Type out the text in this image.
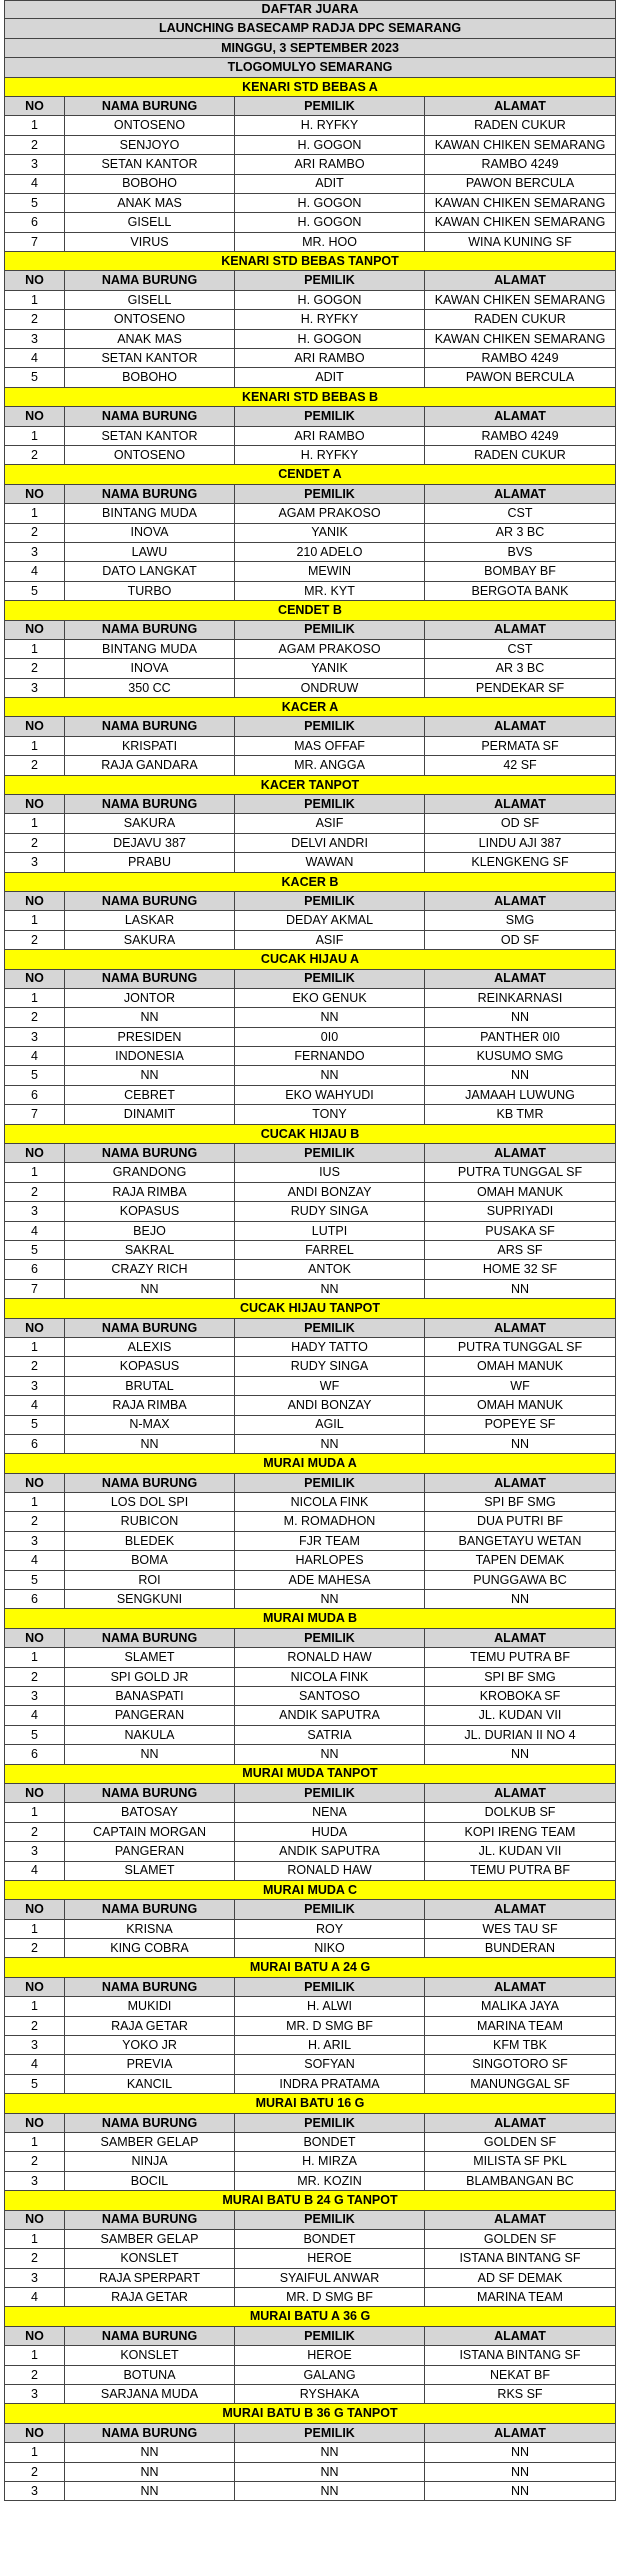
DAFTAR JUARA
LAUNCHING BASECAMP RADJA DPC SEMARANG
MINGGU, 3 SEPTEMBER 2023
TLOGOMULYO SEMARANG
KENARI STD BEBAS A
NO	NAMA BURUNG	PEMILIK	ALAMAT
1	ONTOSENO	H. RYFKY	RADEN CUKUR
2	SENJOYO	H. GOGON	KAWAN CHIKEN SEMARANG
3	SETAN KANTOR	ARI RAMBO	RAMBO 4249
4	BOBOHO	ADIT	PAWON BERCULA
5	ANAK MAS	H. GOGON	KAWAN CHIKEN SEMARANG
6	GISELL	H. GOGON	KAWAN CHIKEN SEMARANG
7	VIRUS	MR. HOO	WINA KUNING SF
KENARI STD BEBAS TANPOT
NO	NAMA BURUNG	PEMILIK	ALAMAT
1	GISELL	H. GOGON	KAWAN CHIKEN SEMARANG
2	ONTOSENO	H. RYFKY	RADEN CUKUR
3	ANAK MAS	H. GOGON	KAWAN CHIKEN SEMARANG
4	SETAN KANTOR	ARI RAMBO	RAMBO 4249
5	BOBOHO	ADIT	PAWON BERCULA
KENARI STD BEBAS B
NO	NAMA BURUNG	PEMILIK	ALAMAT
1	SETAN KANTOR	ARI RAMBO	RAMBO 4249
2	ONTOSENO	H. RYFKY	RADEN CUKUR
CENDET A
NO	NAMA BURUNG	PEMILIK	ALAMAT
1	BINTANG MUDA	AGAM PRAKOSO	CST
2	INOVA	YANIK	AR 3 BC
3	LAWU	210 ADELO	BVS
4	DATO LANGKAT	MEWIN	BOMBAY BF
5	TURBO	MR. KYT	BERGOTA BANK
CENDET B
NO	NAMA BURUNG	PEMILIK	ALAMAT
1	BINTANG MUDA	AGAM PRAKOSO	CST
2	INOVA	YANIK	AR 3 BC
3	350 CC	ONDRUW	PENDEKAR SF
KACER A
NO	NAMA BURUNG	PEMILIK	ALAMAT
1	KRISPATI	MAS OFFAF	PERMATA SF
2	RAJA GANDARA	MR. ANGGA	42 SF
KACER TANPOT
NO	NAMA BURUNG	PEMILIK	ALAMAT
1	SAKURA	ASIF	OD SF
2	DEJAVU 387	DELVI ANDRI	LINDU AJI 387
3	PRABU	WAWAN	KLENGKENG SF
KACER B
NO	NAMA BURUNG	PEMILIK	ALAMAT
1	LASKAR	DEDAY AKMAL	SMG
2	SAKURA	ASIF	OD SF
CUCAK HIJAU A
NO	NAMA BURUNG	PEMILIK	ALAMAT
1	JONTOR	EKO GENUK	REINKARNASI
2	NN	NN	NN
3	PRESIDEN	0I0	PANTHER 0I0
4	INDONESIA	FERNANDO	KUSUMO SMG
5	NN	NN	NN
6	CEBRET	EKO WAHYUDI	JAMAAH LUWUNG
7	DINAMIT	TONY	KB TMR
CUCAK HIJAU B
NO	NAMA BURUNG	PEMILIK	ALAMAT
1	GRANDONG	IUS	PUTRA TUNGGAL SF
2	RAJA RIMBA	ANDI BONZAY	OMAH MANUK
3	KOPASUS	RUDY SINGA	SUPRIYADI
4	BEJO	LUTPI	PUSAKA SF
5	SAKRAL	FARREL	ARS SF
6	CRAZY RICH	ANTOK	HOME 32 SF
7	NN	NN	NN
CUCAK HIJAU TANPOT
NO	NAMA BURUNG	PEMILIK	ALAMAT
1	ALEXIS	HADY TATTO	PUTRA TUNGGAL SF
2	KOPASUS	RUDY SINGA	OMAH MANUK
3	BRUTAL	WF	WF
4	RAJA RIMBA	ANDI BONZAY	OMAH MANUK
5	N-MAX	AGIL	POPEYE SF
6	NN	NN	NN
MURAI MUDA A
NO	NAMA BURUNG	PEMILIK	ALAMAT
1	LOS DOL SPI	NICOLA FINK	SPI BF SMG
2	RUBICON	M. ROMADHON	DUA PUTRI BF
3	BLEDEK	FJR TEAM	BANGETAYU WETAN
4	BOMA	HARLOPES	TAPEN DEMAK
5	ROI	ADE MAHESA	PUNGGAWA BC
6	SENGKUNI	NN	NN
MURAI MUDA B
NO	NAMA BURUNG	PEMILIK	ALAMAT
1	SLAMET	RONALD HAW	TEMU PUTRA BF
2	SPI GOLD JR	NICOLA FINK	SPI BF SMG
3	BANASPATI	SANTOSO	KROBOKA SF
4	PANGERAN	ANDIK SAPUTRA	JL. KUDAN VII
5	NAKULA	SATRIA	JL. DURIAN II NO 4
6	NN	NN	NN
MURAI MUDA TANPOT
NO	NAMA BURUNG	PEMILIK	ALAMAT
1	BATOSAY	NENA	DOLKUB SF
2	CAPTAIN MORGAN	HUDA	KOPI IRENG TEAM
3	PANGERAN	ANDIK SAPUTRA	JL. KUDAN VII
4	SLAMET	RONALD HAW	TEMU PUTRA BF
MURAI MUDA C
NO	NAMA BURUNG	PEMILIK	ALAMAT
1	KRISNA	ROY	WES TAU SF
2	KING COBRA	NIKO	BUNDERAN
MURAI BATU A 24 G
NO	NAMA BURUNG	PEMILIK	ALAMAT
1	MUKIDI	H. ALWI	MALIKA JAYA
2	RAJA GETAR	MR. D SMG BF	MARINA TEAM
3	YOKO JR	H. ARIL	KFM TBK
4	PREVIA	SOFYAN	SINGOTORO SF
5	KANCIL	INDRA PRATAMA	MANUNGGAL SF
MURAI BATU 16 G
NO	NAMA BURUNG	PEMILIK	ALAMAT
1	SAMBER GELAP	BONDET	GOLDEN SF
2	NINJA	H. MIRZA	MILISTA SF PKL
3	BOCIL	MR. KOZIN	BLAMBANGAN BC
MURAI BATU B 24 G TANPOT
NO	NAMA BURUNG	PEMILIK	ALAMAT
1	SAMBER GELAP	BONDET	GOLDEN SF
2	KONSLET	HEROE	ISTANA BINTANG SF
3	RAJA SPERPART	SYAIFUL ANWAR	AD SF DEMAK
4	RAJA GETAR	MR. D SMG BF	MARINA TEAM
MURAI BATU A 36 G
NO	NAMA BURUNG	PEMILIK	ALAMAT
1	KONSLET	HEROE	ISTANA BINTANG SF
2	BOTUNA	GALANG	NEKAT BF
3	SARJANA MUDA	RYSHAKA	RKS SF
MURAI BATU B 36 G TANPOT
NO	NAMA BURUNG	PEMILIK	ALAMAT
1	NN	NN	NN
2	NN	NN	NN
3	NN	NN	NN
